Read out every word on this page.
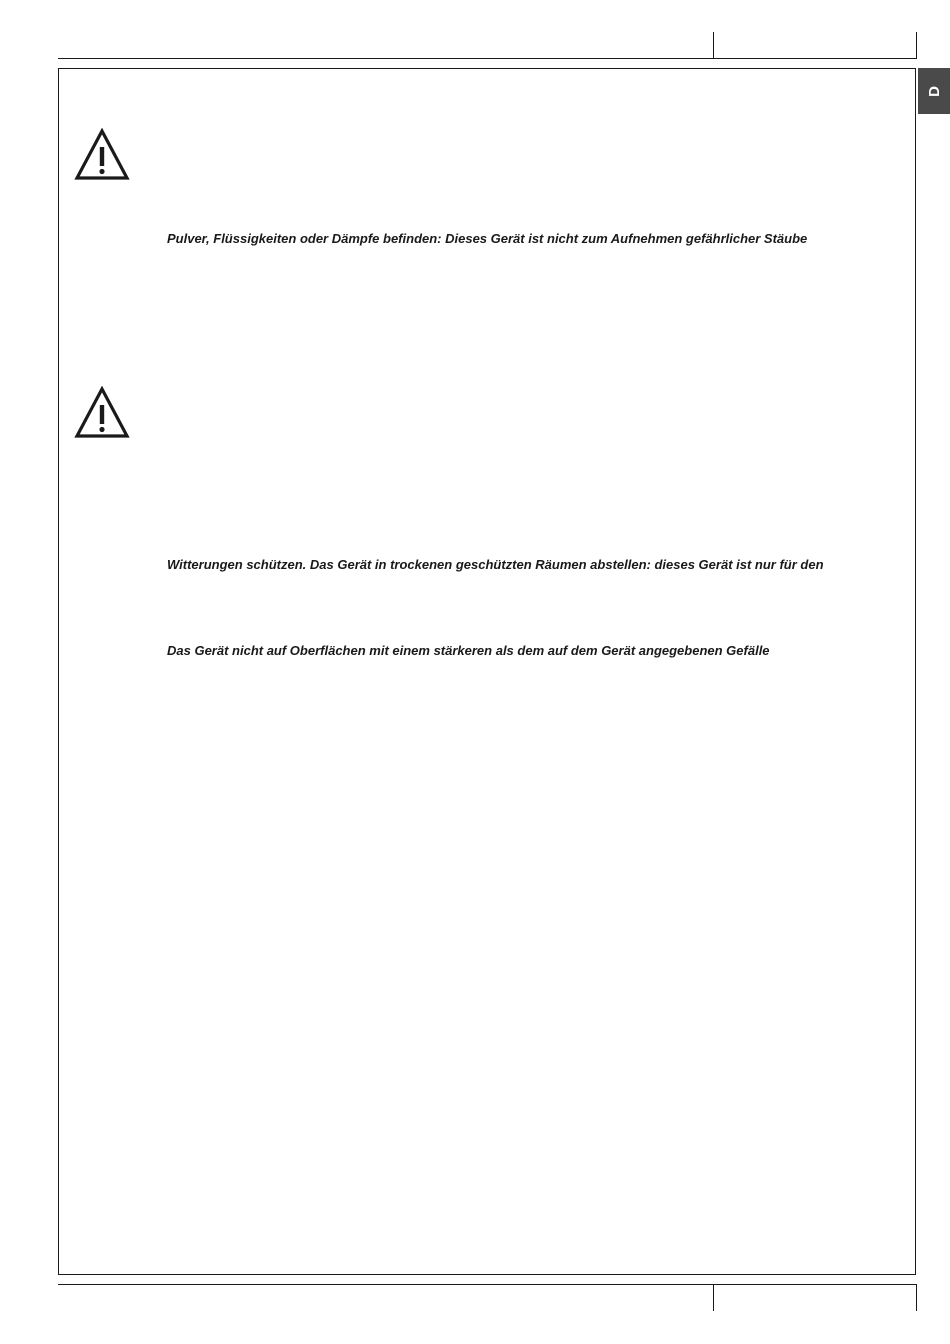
D
Pulver, Flüssigkeiten oder Dämpfe befinden: Dieses Gerät ist nicht zum Aufnehmen gefährlicher Stäube
Witterungen schützen. Das Gerät in trockenen geschützten Räumen abstellen: dieses Gerät ist nur für den
Das Gerät nicht auf Oberflächen mit einem stärkeren als dem auf dem Gerät angegebenen Gefälle
